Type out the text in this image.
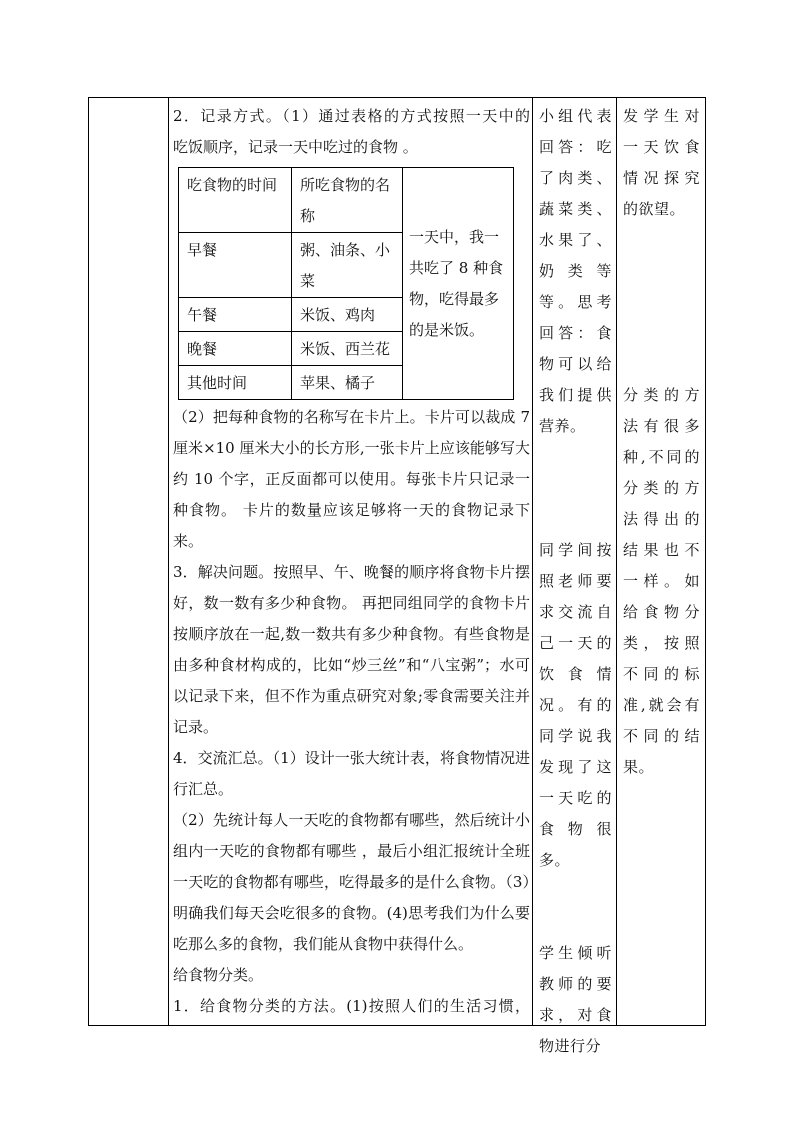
2．记录方式。（1）通过表格的方式按照一天中的

吃饭顺序，记录一天中吃过的食物 。

吃食物的时间	所吃食物的名称	一天中，我一共吃了 8 种食物，吃得最多的是米饭。
早餐	粥、油条、小菜	
午餐	米饭、鸡肉	
晚餐	米饭、西兰花	
其他时间	苹果、橘子	

（2）把每种食物的名称写在卡片上。卡片可以裁成 7 厘米×10 厘米大小的长方形,一张卡片上应该能够写大约 10 个字，正反面都可以使用。每张卡片只记录一种食物。 卡片的数量应该足够将一天的食物记录下来。

3．解决问题。按照早、午、晚餐的顺序将食物卡片摆好，数一数有多少种食物。 再把同组同学的食物卡片按顺序放在一起,数一数共有多少种食物。有些食物是由多种食材构成的，比如“炒三丝”和“八宝粥”；水可以记录下来，但不作为重点研究对象;零食需要关注并记录。

4．交流汇总。（1）设计一张大统计表，将食物情况进行汇总。

（2）先统计每人一天吃的食物都有哪些，然后统计小组内一天吃的食物都有哪些 ，最后小组汇报统计全班一天吃的食物都有哪些，吃得最多的是什么食物。（3）明确我们每天会吃很多的食物。(4)思考我们为什么要吃那么多的食物，我们能从食物中获得什么。

给食物分类。

1．给食物分类的方法。(1)按照人们的生活习惯，

小组代表回答：吃了肉类、蔬菜类、水果了、奶类等等。思考回答：食物可以给我们提供营养。

同学间按照老师要求交流自己一天的饮食情况。有的同学说我发现了这一天吃的食物很多。

学生倾听教师的要求，对食物进行分

发学生对一天饮食情况探究的欲望。

分类的方法有很多种,不同的分类的方法得出的结果也不一样。如给食物分类，按照不同的标准,就会有不同的结果。
